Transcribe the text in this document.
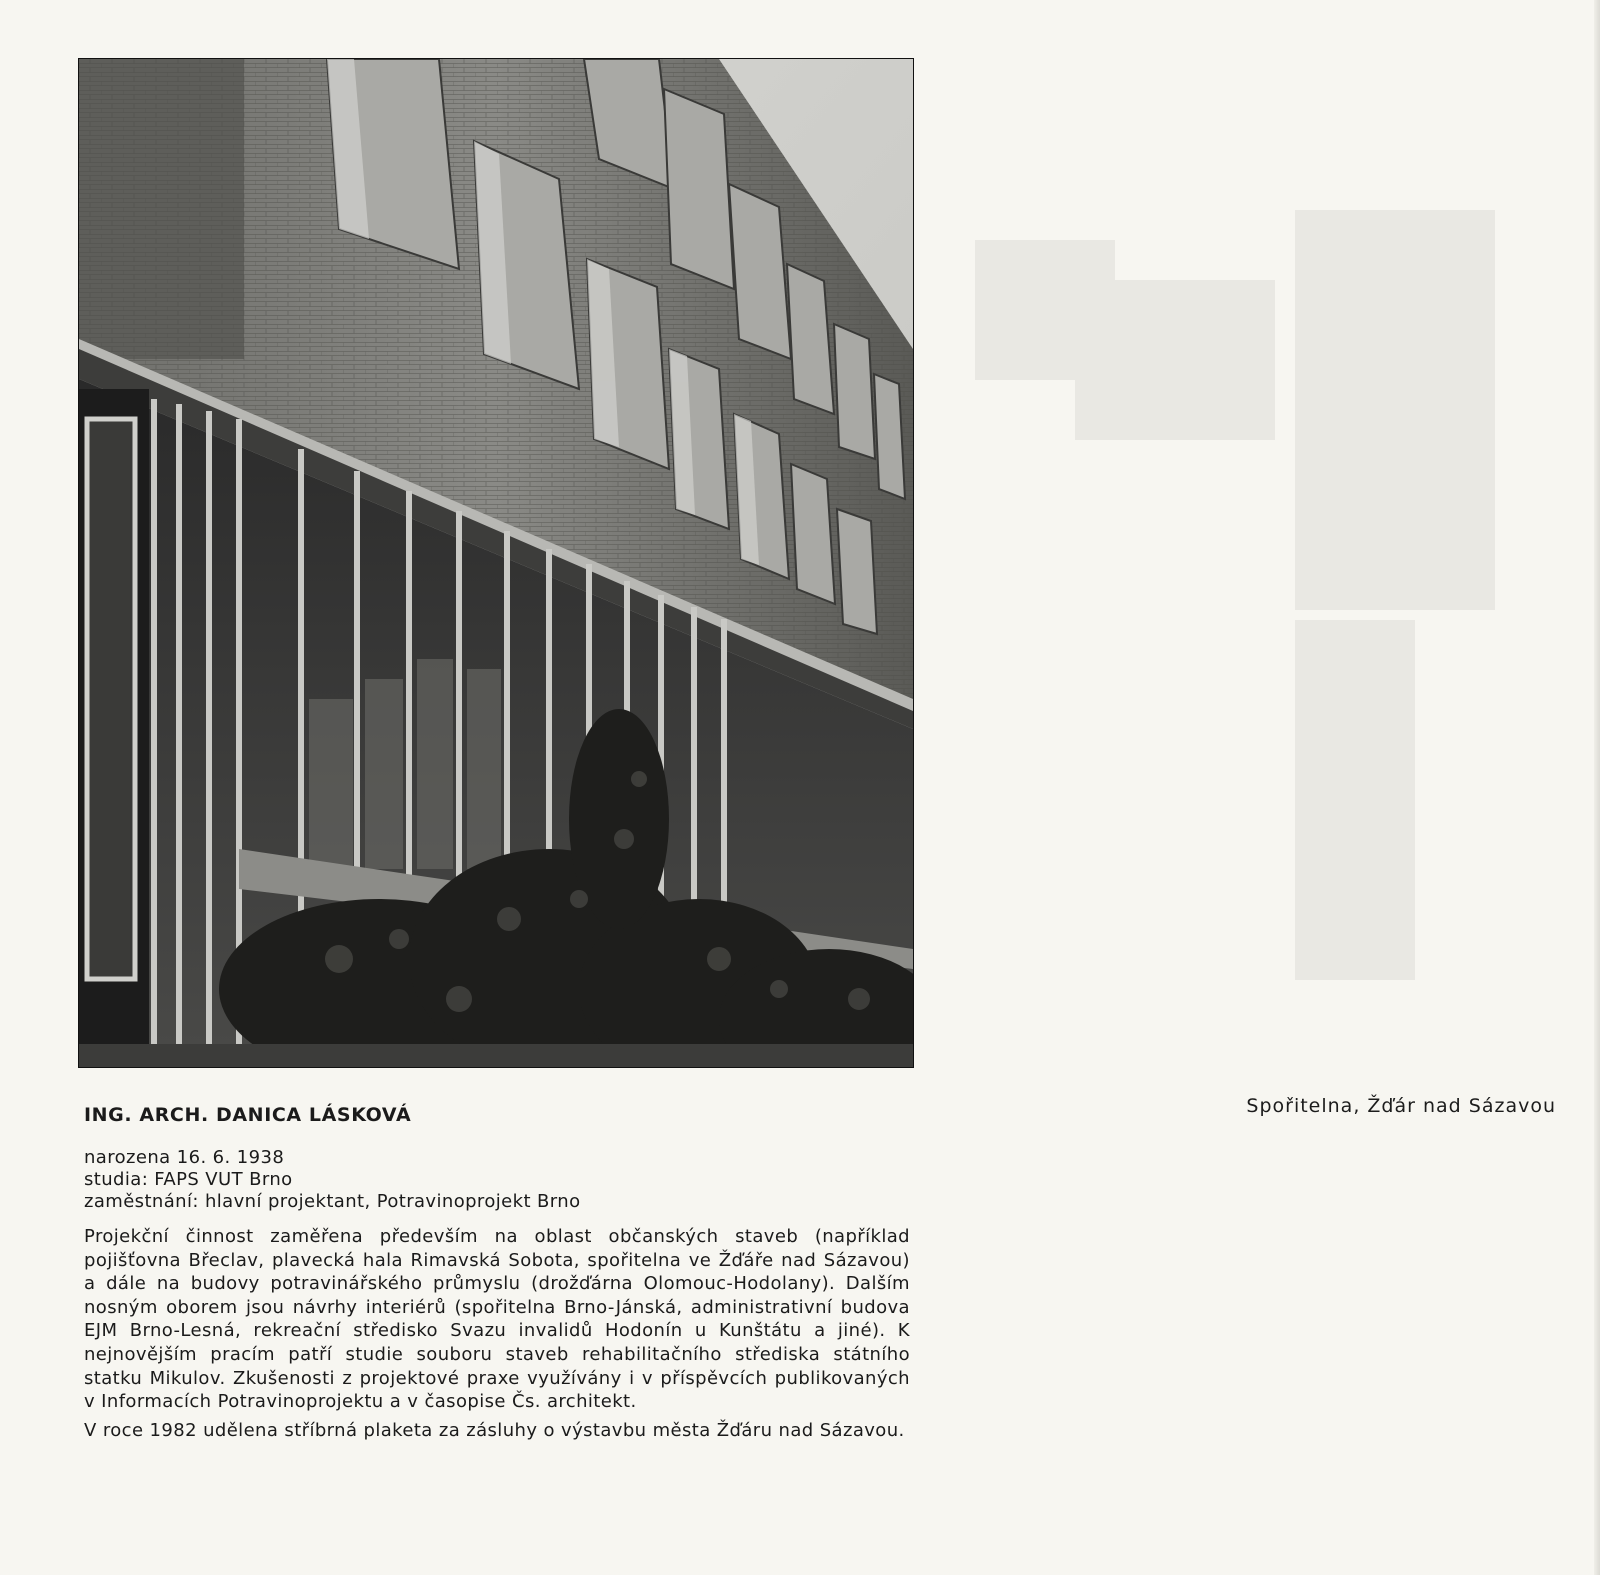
Spořitelna, Žďár nad Sázavou
ING. ARCH. DANICA LÁSKOVÁ
narozena 16. 6. 1938
studia: FAPS VUT Brno
zaměstnání: hlavní projektant, Potravinoprojekt Brno

Projekční činnost zaměřena především na oblast občanských staveb (například pojišťovna Břeclav, plavecká hala Rimavská Sobota, spořitelna ve Žďáře nad Sázavou) a dále na budovy potravinářského průmyslu (drožďárna Olomouc-Hodolany). Dalším nosným oborem jsou návrhy interiérů (spořitelna Brno-Jánská, administrativní budova EJM Brno-Lesná, rekreační středisko Svazu invalidů Hodonín u Kunštátu a jiné). K nejnovějším pracím patří studie souboru staveb rehabilitačního střediska státního statku Mikulov. Zkušenosti z projektové praxe využívány i v příspěvcích publikovaných v Informacích Potravinoprojektu a v časopise Čs. architekt.

V roce 1982 udělena stříbrná plaketa za zásluhy o výstavbu města Žďáru nad Sázavou.
